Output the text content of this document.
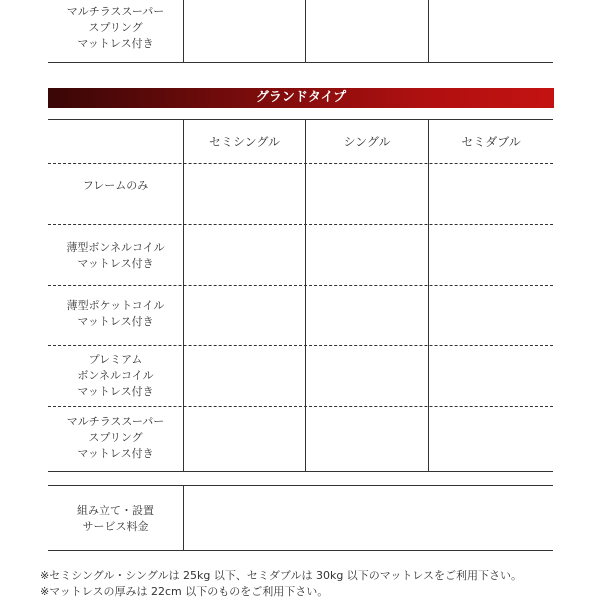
マルチラススーパー
スプリング
マットレス付き
グランドタイプ
セミシングル	シングル	セミダブル
フレームのみ
薄型ボンネルコイル
マットレス付き
薄型ポケットコイル
マットレス付き
プレミアム
ボンネルコイル
マットレス付き
マルチラススーパー
スプリング
マットレス付き
組み立て・設置
サービス料金
※セミシングル・シングルは 25kg 以下、セミダブルは 30kg 以下のマットレスをご利用下さい。
※マットレスの厚みは 22cm 以下のものをご利用下さい。
